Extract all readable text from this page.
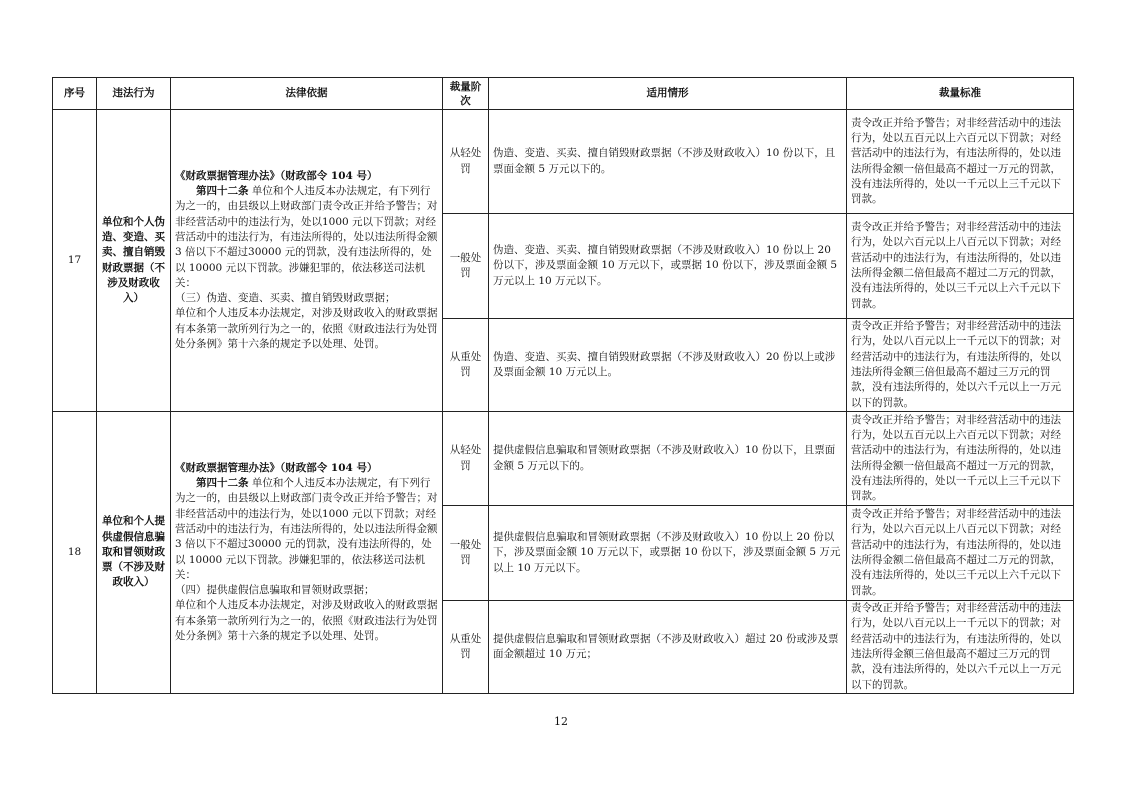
序号	违法行为	法律依据	裁量阶次	适用情形	裁量标准
17	单位和个人伪造、变造、买卖、擅自销毁财政票据（不涉及财政收入）	《财政票据管理办法》（财政部令 104 号）
  第四十二条 单位和个人违反本办法规定，有下列行为之一的，由县级以上财政部门责令改正并给予警告；对非经营活动中的违法行为，处以1000 元以下罚款；对经营活动中的违法行为，有违法所得的，处以违法所得金额 3 倍以下不超过30000 元的罚款，没有违法所得的，处以 10000 元以下罚款。涉嫌犯罪的，依法移送司法机关：
（三）伪造、变造、买卖、擅自销毁财政票据；
单位和个人违反本办法规定，对涉及财政收入的财政票据有本条第一款所列行为之一的，依照《财政违法行为处罚处分条例》第十六条的规定予以处理、处罚。	从轻处罚	伪造、变造、买卖、擅自销毁财政票据（不涉及财政收入）10 份以下，且票面金额 5 万元以下的。	责令改正并给予警告；对非经营活动中的违法行为，处以五百元以上六百元以下罚款；对经营活动中的违法行为，有违法所得的，处以违法所得金额一倍但最高不超过一万元的罚款，没有违法所得的，处以一千元以上三千元以下罚款。
			一般处罚	伪造、变造、买卖、擅自销毁财政票据（不涉及财政收入）10 份以上 20 份以下，涉及票面金额 10 万元以下，或票据 10 份以下，涉及票面金额 5 万元以上 10 万元以下。	责令改正并给予警告；对非经营活动中的违法行为，处以六百元以上八百元以下罚款；对经营活动中的违法行为，有违法所得的，处以违法所得金额二倍但最高不超过二万元的罚款，没有违法所得的，处以三千元以上六千元以下罚款。
			从重处罚	伪造、变造、买卖、擅自销毁财政票据（不涉及财政收入）20 份以上或涉及票面金额 10 万元以上。	责令改正并给予警告；对非经营活动中的违法行为，处以八百元以上一千元以下的罚款；对经营活动中的违法行为，有违法所得的，处以违法所得金额三倍但最高不超过三万元的罚款，没有违法所得的，处以六千元以上一万元以下的罚款。
18	单位和个人提供虚假信息骗取和冒领财政票（不涉及财政收入）	《财政票据管理办法》（财政部令 104 号）
  第四十二条 单位和个人违反本办法规定，有下列行为之一的，由县级以上财政部门责令改正并给予警告；对非经营活动中的违法行为，处以1000 元以下罚款；对经营活动中的违法行为，有违法所得的，处以违法所得金额 3 倍以下不超过30000 元的罚款，没有违法所得的，处以 10000 元以下罚款。涉嫌犯罪的，依法移送司法机关：
（四）提供虚假信息骗取和冒领财政票据；
单位和个人违反本办法规定，对涉及财政收入的财政票据有本条第一款所列行为之一的，依照《财政违法行为处罚处分条例》第十六条的规定予以处理、处罚。	从轻处罚	提供虚假信息骗取和冒领财政票据（不涉及财政收入）10 份以下，且票面金额 5 万元以下的。	责令改正并给予警告；对非经营活动中的违法行为，处以五百元以上六百元以下罚款；对经营活动中的违法行为，有违法所得的，处以违法所得金额一倍但最高不超过一万元的罚款，没有违法所得的，处以一千元以上三千元以下罚款。
			一般处罚	提供虚假信息骗取和冒领财政票据（不涉及财政收入）10 份以上 20 份以下，涉及票面金额 10 万元以下，或票据 10 份以下，涉及票面金额 5 万元以上 10 万元以下。	责令改正并给予警告；对非经营活动中的违法行为，处以六百元以上八百元以下罚款；对经营活动中的违法行为，有违法所得的，处以违法所得金额二倍但最高不超过二万元的罚款，没有违法所得的，处以三千元以上六千元以下罚款。
			从重处罚	提供虚假信息骗取和冒领财政票据（不涉及财政收入）超过 20 份或涉及票面金额超过 10 万元；	责令改正并给予警告；对非经营活动中的违法行为，处以八百元以上一千元以下的罚款；对经营活动中的违法行为，有违法所得的，处以违法所得金额三倍但最高不超过三万元的罚款，没有违法所得的，处以六千元以上一万元以下的罚款。
12
